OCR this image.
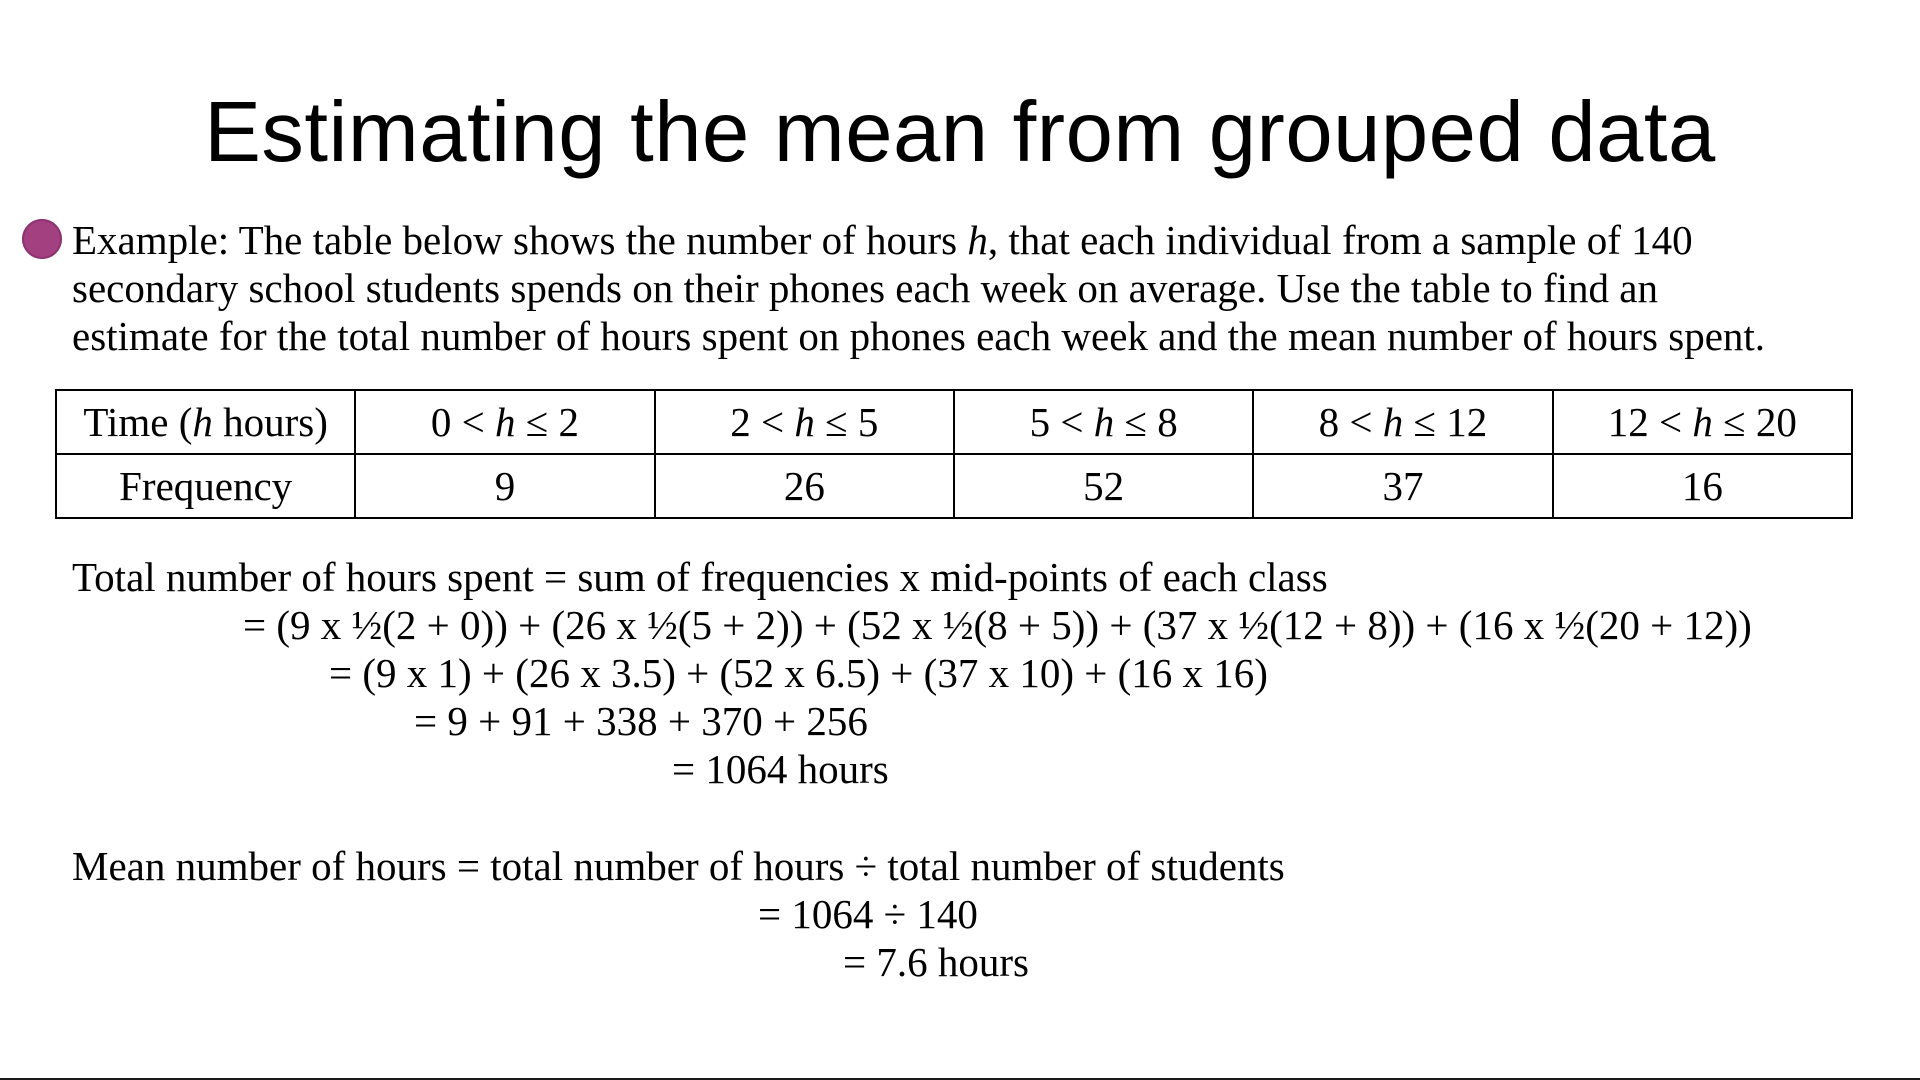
Estimating the mean from grouped data
Example: The table below shows the number of hours h, that each individual from a sample of 140
secondary school students spends on their phones each week on average. Use the table to find an
estimate for the total number of hours spent on phones each week and the mean number of hours spent.
Time (h hours)	0 < h ≤ 2	2 < h ≤ 5	5 < h ≤ 8	8 < h ≤ 12	12 < h ≤ 20
Frequency	9	26	52	37	16
Total number of hours spent = sum of frequencies x mid-points of each class
= (9 x ½(2 + 0)) + (26 x ½(5 + 2)) + (52 x ½(8 + 5)) + (37 x ½(12 + 8)) + (16 x ½(20 + 12))
= (9 x 1) + (26 x 3.5) + (52 x 6.5) + (37 x 10) + (16 x 16)
= 9 + 91 + 338 + 370 + 256
= 1064 hours
Mean number of hours = total number of hours ÷ total number of students
= 1064 ÷ 140
= 7.6 hours
